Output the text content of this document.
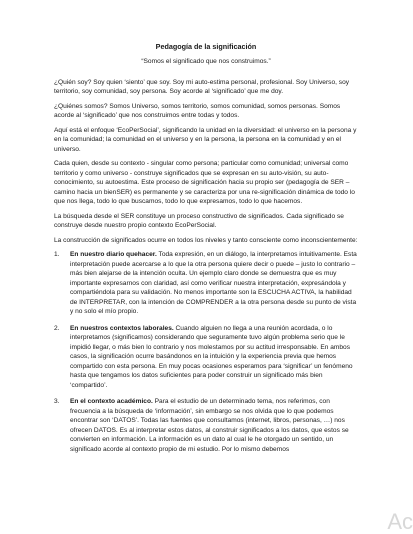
Pedagogía de la significación
“Somos el significado que nos construimos.”
¿Quién soy? Soy quien ‘siento’ que soy. Soy mi auto-estima personal, profesional. Soy Universo, soy territorio, soy comunidad, soy persona. Soy acorde al ‘significado’ que me doy.
¿Quiénes somos? Somos Universo, somos territorio, somos comunidad, somos personas. Somos acorde al ‘significado’ que nos construimos entre todas y todos.
Aquí está el enfoque ‘EcoPerSocial’, significando la unidad en la diversidad: el universo en la persona y en la comunidad; la comunidad en el universo y en la persona, la persona en la comunidad y en el universo.
Cada quien, desde su contexto - singular como persona; particular como comunidad; universal como territorio y como universo - construye significados que se expresan en su auto-visión, su auto-conocimiento, su autoestima. Este proceso de significación hacia su propio ser (pedagogía de SER – camino hacia un bienSER) es permanente y se caracteriza por una re-significación dinámica de todo lo que nos llega, todo lo que buscamos, todo lo que expresamos, todo lo que hacemos.
La búsqueda desde el SER constituye un proceso constructivo de significados. Cada significado se construye desde nuestro propio contexto EcoPerSocial.
La construcción de significados ocurre en todos los niveles y tanto consciente como inconscientemente:
1.	En nuestro diario quehacer. Toda expresión, en un diálogo, la interpretamos intuitivamente. Esta interpretación puede acercarse a lo que la otra persona quiere decir o puede – justo lo contrario – más bien alejarse de la intención oculta. Un ejemplo claro donde se demuestra que es muy importante expresarnos con claridad, así como verificar nuestra interpretación, expresándola y compartiéndola para su validación. No menos importante son la ESCUCHA ACTIVA, la habilidad de INTERPRETAR, con la intención de COMPRENDER a la otra persona desde su punto de vista y no solo el mío propio.
2.	En nuestros contextos laborales. Cuando alguien no llega a una reunión acordada, o lo interpretamos (significamos) considerando que seguramente tuvo algún problema serio que le impidió llegar, o más bien lo contrario y nos molestamos por su actitud irresponsable. En ambos casos, la significación ocurre basándonos en la intuición y la experiencia previa que hemos compartido con esta persona. En muy pocas ocasiones esperamos para ‘significar’ un fenómeno hasta que tengamos los datos suficientes para poder construir un significado más bien ‘compartido’.
3.	En el contexto académico. Para el estudio de un determinado tema, nos referimos, con frecuencia a la búsqueda de ‘información’, sin embargo se nos olvida que lo que podemos encontrar son ‘DATOS’. Todas las fuentes que consultamos (internet, libros, personas, …) nos ofrecen DATOS. Es al interpretar estos datos, al construir significados a los datos, que estos se convierten en información. La información es un dato al cual le he otorgado un sentido, un significado acorde al contexto propio de mi estudio. Por lo mismo debemos
Ac
